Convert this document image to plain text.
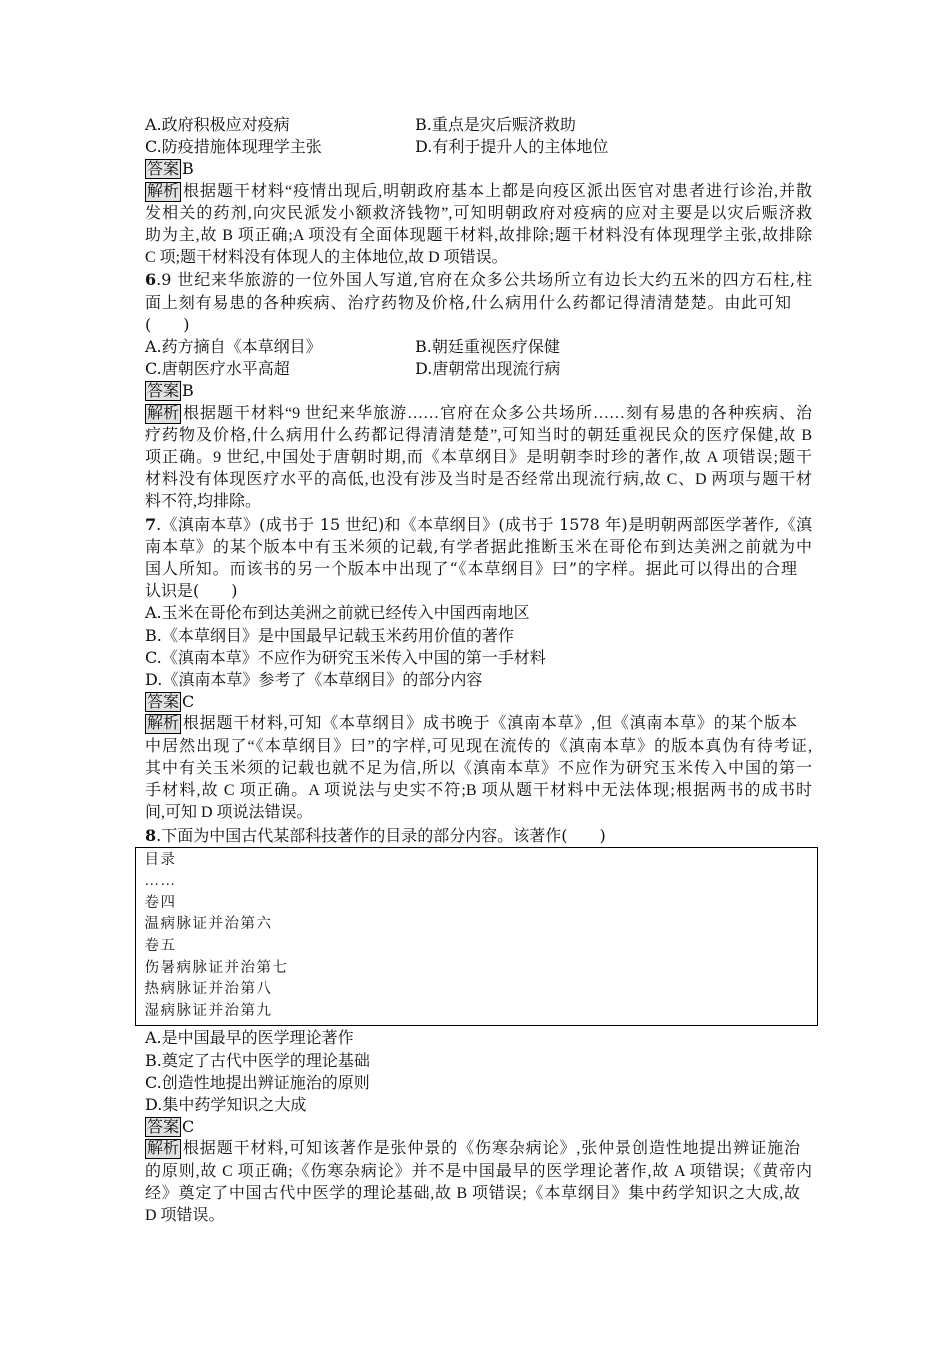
A.政府积极应对疫病	B.重点是灾后赈济救助
C.防疫措施体现理学主张	D.有利于提升人的主体地位
答案 B
解析 根据题干材料“疫情出现后,明朝政府基本上都是向疫区派出医官对患者进行诊治,并散
发相关的药剂,向灾民派发小额救济钱物”,可知明朝政府对疫病的应对主要是以灾后赈济救
助为主,故 B 项正确;A 项没有全面体现题干材料,故排除;题干材料没有体现理学主张,故排除
C 项;题干材料没有体现人的主体地位,故 D 项错误。
6.9 世纪来华旅游的一位外国人写道,官府在众多公共场所立有边长大约五米的四方石柱,柱
面上刻有易患的各种疾病、治疗药物及价格,什么病用什么药都记得清清楚楚。由此可知
(　　)
A.药方摘自《本草纲目》	B.朝廷重视医疗保健
C.唐朝医疗水平高超	D.唐朝常出现流行病
答案 B
解析 根据题干材料“9 世纪来华旅游……官府在众多公共场所……刻有易患的各种疾病、治
疗药物及价格,什么病用什么药都记得清清楚楚”,可知当时的朝廷重视民众的医疗保健,故 B
项正确。9 世纪,中国处于唐朝时期,而《本草纲目》是明朝李时珍的著作,故 A 项错误;题干
材料没有体现医疗水平的高低,也没有涉及当时是否经常出现流行病,故 C、D 两项与题干材
料不符,均排除。
7.《滇南本草》(成书于 15 世纪)和《本草纲目》(成书于 1578 年)是明朝两部医学著作,《滇
南本草》的某个版本中有玉米须的记载,有学者据此推断玉米在哥伦布到达美洲之前就为中
国人所知。而该书的另一个版本中出现了“《本草纲目》曰”的字样。据此可以得出的合理
认识是(　　)
A.玉米在哥伦布到达美洲之前就已经传入中国西南地区
B.《本草纲目》是中国最早记载玉米药用价值的著作
C.《滇南本草》不应作为研究玉米传入中国的第一手材料
D.《滇南本草》参考了《本草纲目》的部分内容
答案 C
解析 根据题干材料,可知《本草纲目》成书晚于《滇南本草》,但《滇南本草》的某个版本
中居然出现了“《本草纲目》曰”的字样,可见现在流传的《滇南本草》的版本真伪有待考证,
其中有关玉米须的记载也就不足为信,所以《滇南本草》不应作为研究玉米传入中国的第一
手材料,故 C 项正确。A 项说法与史实不符;B 项从题干材料中无法体现;根据两书的成书时
间,可知 D 项说法错误。
8.下面为中国古代某部科技著作的目录的部分内容。该著作(　　)
目录
……
卷四
温病脉证并治第六
卷五
伤暑病脉证并治第七
热病脉证并治第八
湿病脉证并治第九
A.是中国最早的医学理论著作
B.奠定了古代中医学的理论基础
C.创造性地提出辨证施治的原则
D.集中药学知识之大成
答案 C
解析 根据题干材料,可知该著作是张仲景的《伤寒杂病论》,张仲景创造性地提出辨证施治
的原则,故 C 项正确;《伤寒杂病论》并不是中国最早的医学理论著作,故 A 项错误;《黄帝内
经》奠定了中国古代中医学的理论基础,故 B 项错误;《本草纲目》集中药学知识之大成,故
D 项错误。
